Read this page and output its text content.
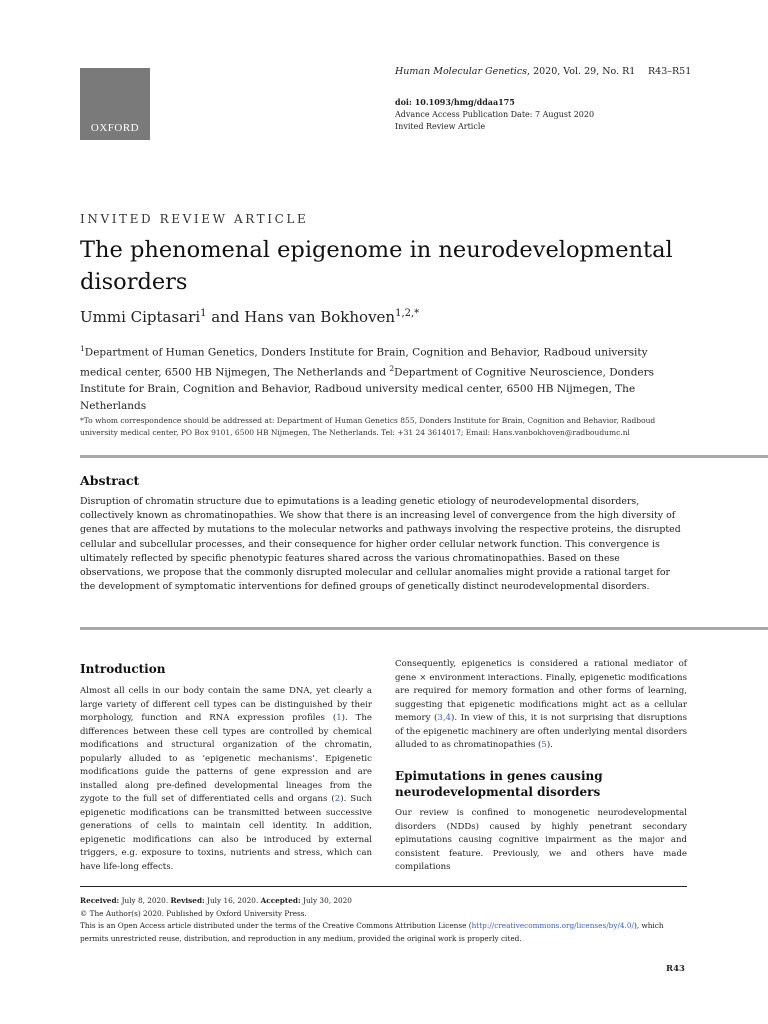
OXFORD
Human Molecular Genetics, 2020, Vol. 29, No. R1 R43–R51
doi: 10.1093/hmg/ddaa175
Advance Access Publication Date: 7 August 2020
Invited Review Article
INVITED REVIEW ARTICLE
The phenomenal epigenome in neurodevelopmental disorders
Ummi Ciptasari$^1$ and Hans van Bokhoven$^{1,2,*}$
$^1$Department of Human Genetics, Donders Institute for Brain, Cognition and Behavior, Radboud university medical center, 6500 HB Nijmegen, The Netherlands and $^2$Department of Cognitive Neuroscience, Donders Institute for Brain, Cognition and Behavior, Radboud university medical center, 6500 HB Nijmegen, The Netherlands
*To whom correspondence should be addressed at: Department of Human Genetics 855, Donders Institute for Brain, Cognition and Behavior, Radboud university medical center, PO Box 9101, 6500 HB Nijmegen, The Netherlands. Tel: +31 24 3614017; Email: Hans.vanbokhoven@radboudumc.nl
Abstract
Disruption of chromatin structure due to epimutations is a leading genetic etiology of neurodevelopmental disorders, collectively known as chromatinopathies. We show that there is an increasing level of convergence from the high diversity of genes that are affected by mutations to the molecular networks and pathways involving the respective proteins, the disrupted cellular and subcellular processes, and their consequence for higher order cellular network function. This convergence is ultimately reflected by specific phenotypic features shared across the various chromatinopathies. Based on these observations, we propose that the commonly disrupted molecular and cellular anomalies might provide a rational target for the development of symptomatic interventions for defined groups of genetically distinct neurodevelopmental disorders.
Introduction
Almost all cells in our body contain the same DNA, yet clearly a large variety of different cell types can be distinguished by their morphology, function and RNA expression profiles (1). The differences between these cell types are controlled by chemical modifications and structural organization of the chromatin, popularly alluded to as ‘epigenetic mechanisms’. Epigenetic modifications guide the patterns of gene expression and are installed along pre-defined developmental lineages from the zygote to the full set of differentiated cells and organs (2). Such epigenetic modifications can be transmitted between successive generations of cells to maintain cell identity. In addition, epigenetic modifications can also be introduced by external triggers, e.g. exposure to toxins, nutrients and stress, which can have life-long effects.
Consequently, epigenetics is considered a rational mediator of gene × environment interactions. Finally, epigenetic modifications are required for memory formation and other forms of learning, suggesting that epigenetic modifications might act as a cellular memory (3,4). In view of this, it is not surprising that disruptions of the epigenetic machinery are often underlying mental disorders alluded to as chromatinopathies (5).
Epimutations in genes causing neurodevelopmental disorders
Our review is confined to monogenetic neurodevelopmental disorders (NDDs) caused by highly penetrant secondary epimutations causing cognitive impairment as the major and consistent feature. Previously, we and others have made compilations
Received: July 8, 2020. Revised: July 16, 2020. Accepted: July 30, 2020
© The Author(s) 2020. Published by Oxford University Press.
This is an Open Access article distributed under the terms of the Creative Commons Attribution License (http://creativecommons.org/licenses/by/4.0/), which permits unrestricted reuse, distribution, and reproduction in any medium, provided the original work is properly cited.
R43
